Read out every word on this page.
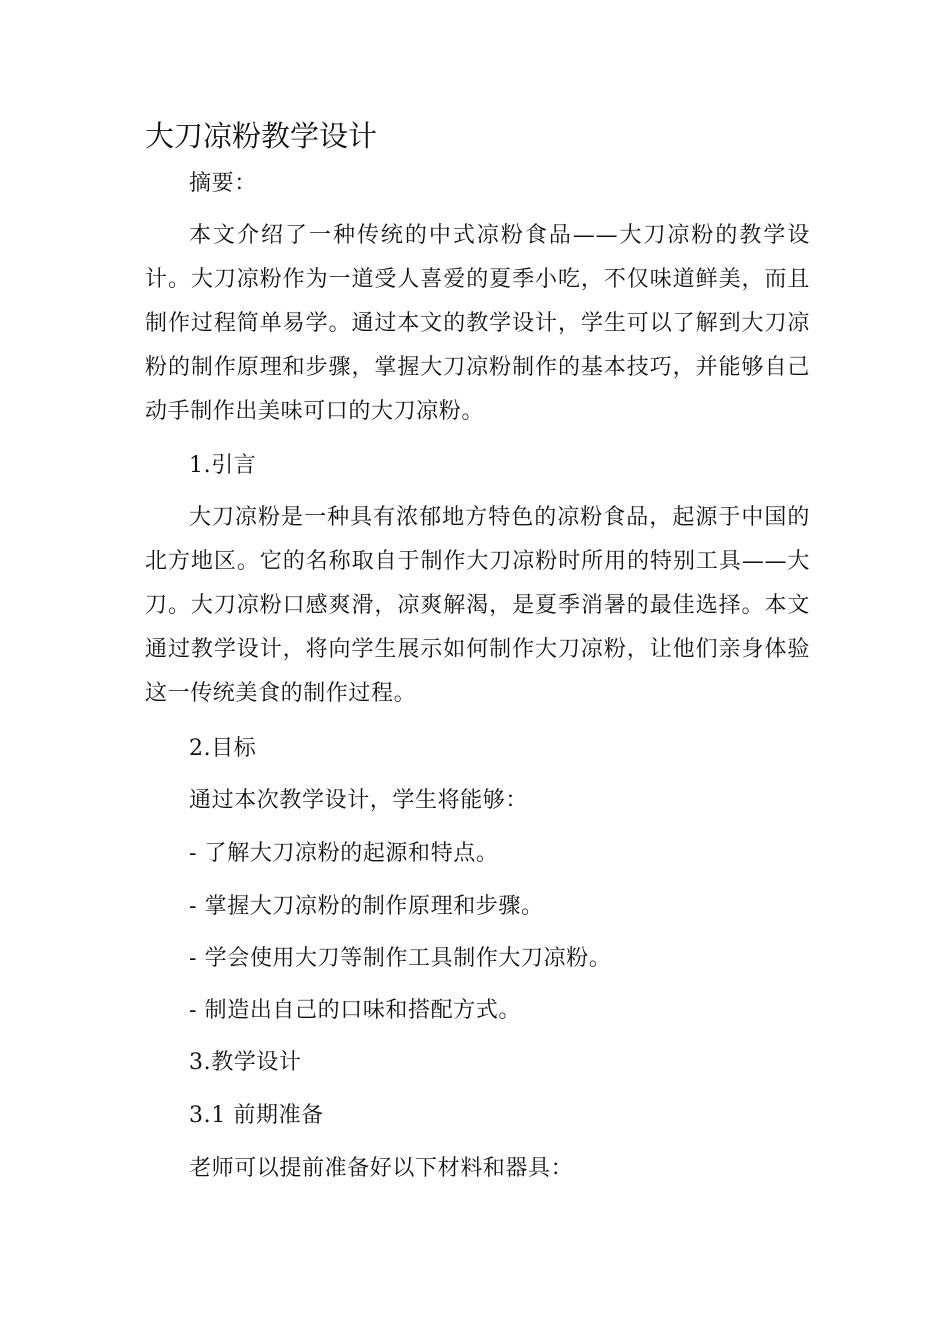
大刀凉粉教学设计

摘要：

本文介绍了一种传统的中式凉粉食品——大刀凉粉的教学设计。大刀凉粉作为一道受人喜爱的夏季小吃，不仅味道鲜美，而且制作过程简单易学。通过本文的教学设计，学生可以了解到大刀凉粉的制作原理和步骤，掌握大刀凉粉制作的基本技巧，并能够自己动手制作出美味可口的大刀凉粉。

1.引言

大刀凉粉是一种具有浓郁地方特色的凉粉食品，起源于中国的北方地区。它的名称取自于制作大刀凉粉时所用的特别工具——大刀。大刀凉粉口感爽滑，凉爽解渴，是夏季消暑的最佳选择。本文通过教学设计，将向学生展示如何制作大刀凉粉，让他们亲身体验这一传统美食的制作过程。

2.目标

通过本次教学设计，学生将能够：

- 了解大刀凉粉的起源和特点。

- 掌握大刀凉粉的制作原理和步骤。

- 学会使用大刀等制作工具制作大刀凉粉。

- 制造出自己的口味和搭配方式。

3.教学设计

3.1 前期准备

老师可以提前准备好以下材料和器具：
